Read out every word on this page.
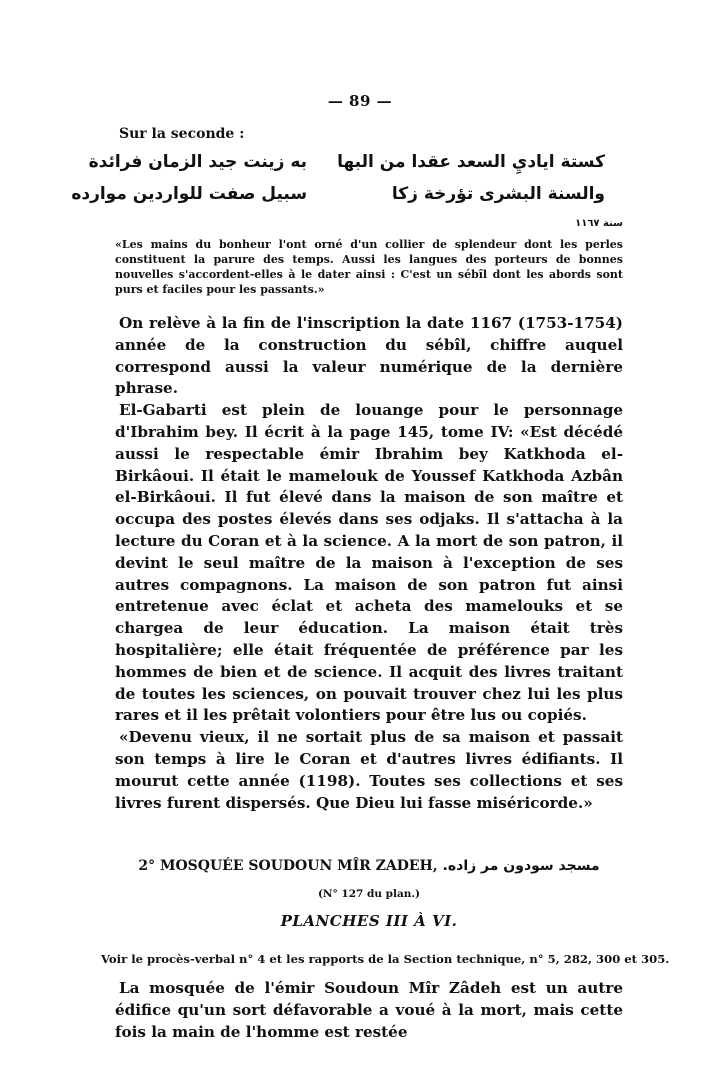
— 89 —
Sur la seconde :
كستة اياديِ السعد عقدا من البها
به زينت جيد الزمان فرائدة
والسنة البشرى تؤرخة زكا
سبيل صفت للواردين موارده
سنة ١١٦٧
«Les mains du bonheur l'ont orné d'un collier de splendeur dont les perles constituent la parure des temps. Aussi les langues des porteurs de bonnes nouvelles s'accordent-elles à le dater ainsi : C'est un sébîl dont les abords sont purs et faciles pour les passants.»

On relève à la fin de l'inscription la date 1167 (1753-1754) année de la construction du sébîl, chiffre auquel correspond aussi la valeur numérique de la dernière phrase.

El-Gabarti est plein de louange pour le personnage d'Ibrahim bey. Il écrit à la page 145, tome IV: «Est décédé aussi le respectable émir Ibrahim bey Katkhoda el-Birkâoui. Il était le mamelouk de Youssef Katkhoda Azbân el-Birkâoui. Il fut élevé dans la maison de son maître et occupa des postes élevés dans ses odjaks. Il s'attacha à la lecture du Coran et à la science. A la mort de son patron, il devint le seul maître de la maison à l'exception de ses autres compagnons. La maison de son patron fut ainsi entretenue avec éclat et acheta des mamelouks et se chargea de leur éducation. La maison était très hospitalière; elle était fréquentée de préférence par les hommes de bien et de science. Il acquit des livres traitant de toutes les sciences, on pouvait trouver chez lui les plus rares et il les prêtait volontiers pour être lus ou copiés.

«Devenu vieux, il ne sortait plus de sa maison et passait son temps à lire le Coran et d'autres livres édifiants. Il mourut cette année (1198). Toutes ses collections et ses livres furent dispersés. Que Dieu lui fasse miséricorde.»

2° MOSQUÉE SOUDOUN MÎR ZADEH, مسجد سودون مر زاده.
(N° 127 du plan.)
PLANCHES III À VI.
Voir le procès-verbal n° 4 et les rapports de la Section technique, n° 5, 282, 300 et 305.

La mosquée de l'émir Soudoun Mîr Zâdeh est un autre édifice qu'un sort défavorable a voué à la mort, mais cette fois la main de l'homme est restée
